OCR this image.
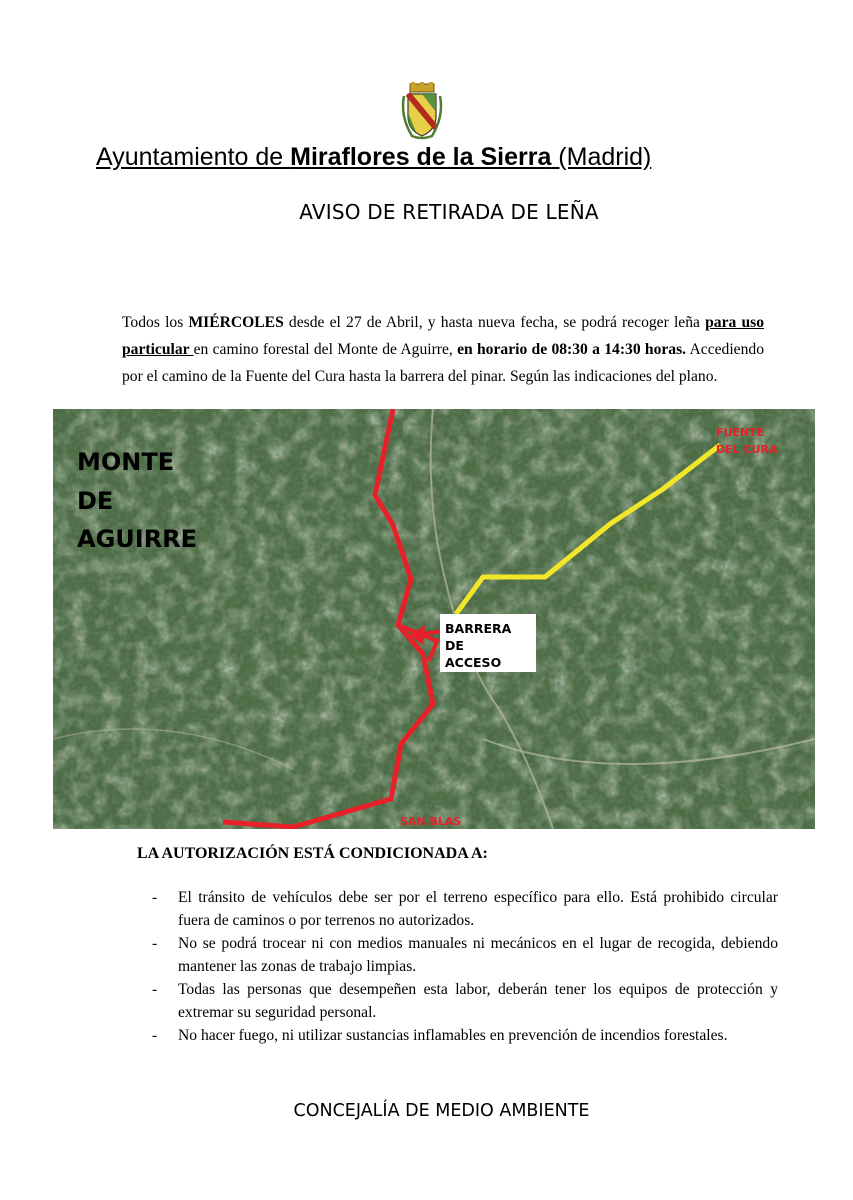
Ayuntamiento de Miraflores de la Sierra (Madrid)
AVISO DE RETIRADA DE LEÑA
Todos los MIÉRCOLES desde el 27 de Abril, y hasta nueva fecha, se podrá recoger leña para uso particular en camino forestal del Monte de Aguirre, en horario de 08:30 a 14:30 horas. Accediendo por el camino de la Fuente del Cura hasta la barrera del pinar. Según las indicaciones del plano.
MONTE
DE
AGUIRRE
FUENTE
DEL CURA
BARRERA
DE
ACCESO
SAN BLAS
LA AUTORIZACIÓN ESTÁ CONDICIONADA A:
- El tránsito de vehículos debe ser por el terreno específico para ello. Está prohibido circular fuera de caminos o por terrenos no autorizados.
- No se podrá trocear ni con medios manuales ni mecánicos en el lugar de recogida, debiendo mantener las zonas de trabajo limpias.
- Todas las personas que desempeñen esta labor, deberán tener los equipos de protección y extremar su seguridad personal.
- No hacer fuego, ni utilizar sustancias inflamables en prevención de incendios forestales.
CONCEJALÍA DE MEDIO AMBIENTE
